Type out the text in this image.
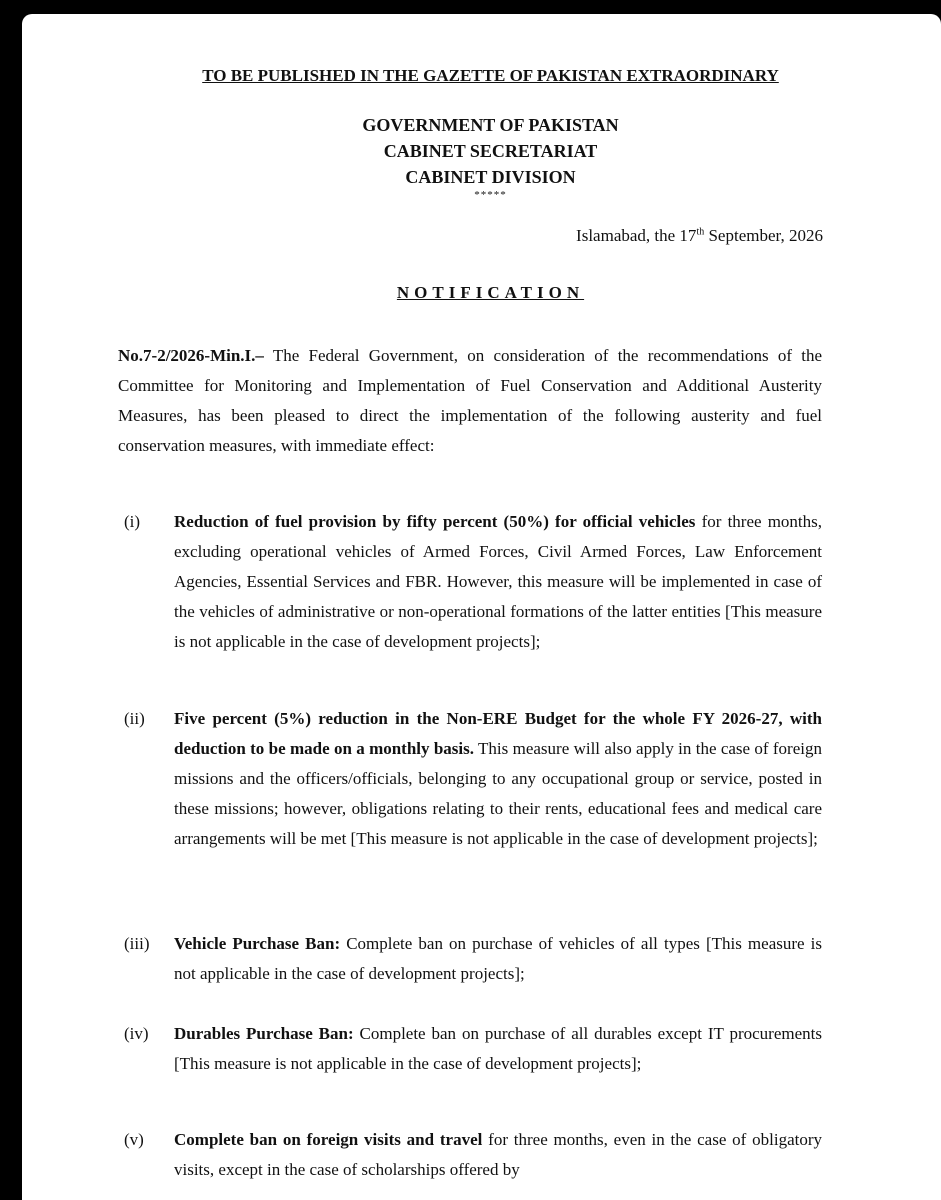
TO BE PUBLISHED IN THE GAZETTE OF PAKISTAN EXTRAORDINARY
GOVERNMENT OF PAKISTAN
CABINET SECRETARIAT
CABINET DIVISION
*****
Islamabad, the 17th September, 2026
NOTIFICATION
No.7-2/2026-Min.I.– The Federal Government, on consideration of the recommendations of the Committee for Monitoring and Implementation of Fuel Conservation and Additional Austerity Measures, has been pleased to direct the implementation of the following austerity and fuel conservation measures, with immediate effect:
(i)	Reduction of fuel provision by fifty percent (50%) for official vehicles for three months, excluding operational vehicles of Armed Forces, Civil Armed Forces, Law Enforcement Agencies, Essential Services and FBR. However, this measure will be implemented in case of the vehicles of administrative or non-operational formations of the latter entities [This measure is not applicable in the case of development projects];
(ii)	Five percent (5%) reduction in the Non-ERE Budget for the whole FY 2026-27, with deduction to be made on a monthly basis. This measure will also apply in the case of foreign missions and the officers/officials, belonging to any occupational group or service, posted in these missions; however, obligations relating to their rents, educational fees and medical care arrangements will be met [This measure is not applicable in the case of development projects];
(iii)	Vehicle Purchase Ban: Complete ban on purchase of vehicles of all types [This measure is not applicable in the case of development projects];
(iv)	Durables Purchase Ban: Complete ban on purchase of all durables except IT procurements [This measure is not applicable in the case of development projects];
(v)	Complete ban on foreign visits and travel for three months, even in the case of obligatory visits, except in the case of scholarships offered by
